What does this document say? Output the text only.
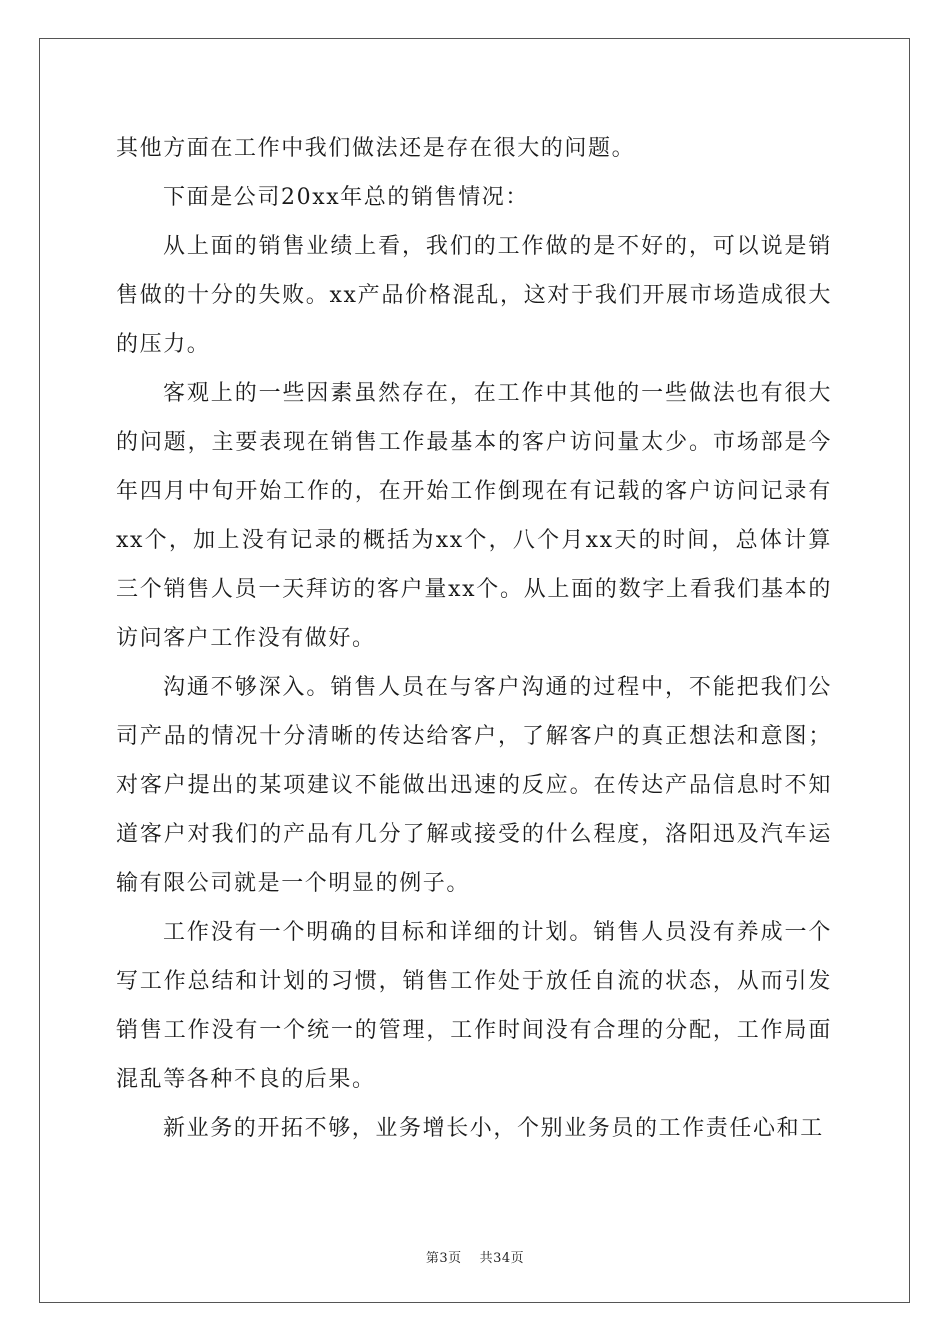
其他方面在工作中我们做法还是存在很大的问题。

下面是公司20xx年总的销售情况：

从上面的销售业绩上看，我们的工作做的是不好的，可以说是销售做的十分的失败。xx产品价格混乱，这对于我们开展市场造成很大的压力。

客观上的一些因素虽然存在，在工作中其他的一些做法也有很大的问题，主要表现在销售工作最基本的客户访问量太少。市场部是今年四月中旬开始工作的，在开始工作倒现在有记载的客户访问记录有xx个，加上没有记录的概括为xx个，八个月xx天的时间，总体计算三个销售人员一天拜访的客户量xx个。从上面的数字上看我们基本的访问客户工作没有做好。

沟通不够深入。销售人员在与客户沟通的过程中，不能把我们公司产品的情况十分清晰的传达给客户，了解客户的真正想法和意图；对客户提出的某项建议不能做出迅速的反应。在传达产品信息时不知道客户对我们的产品有几分了解或接受的什么程度，洛阳迅及汽车运输有限公司就是一个明显的例子。

工作没有一个明确的目标和详细的计划。销售人员没有养成一个写工作总结和计划的习惯，销售工作处于放任自流的状态，从而引发销售工作没有一个统一的管理，工作时间没有合理的分配，工作局面混乱等各种不良的后果。

新业务的开拓不够，业务增长小，个别业务员的工作责任心和工

第3页 共34页
